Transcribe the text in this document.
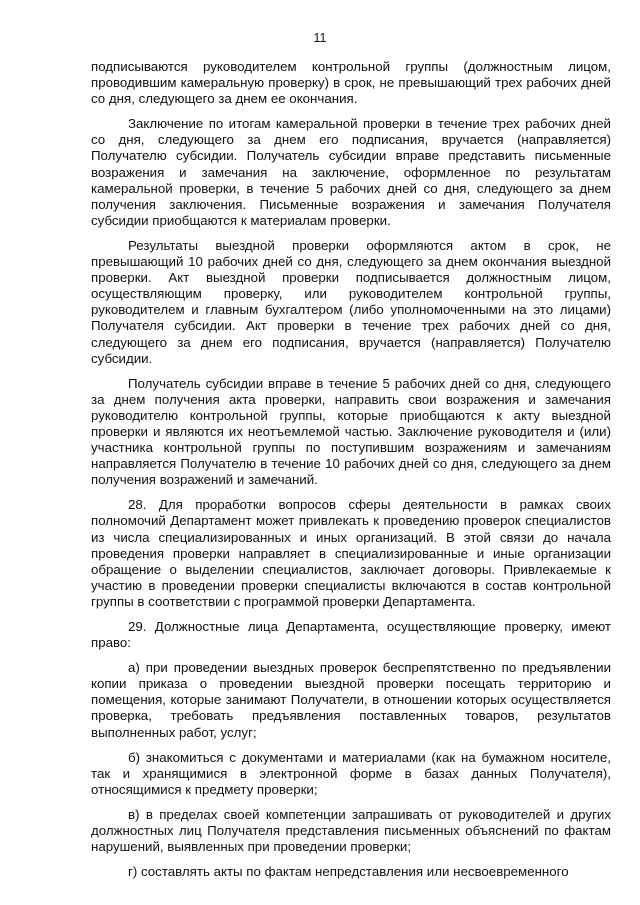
11

подписываются руководителем контрольной группы (должностным лицом, проводившим камеральную проверку) в срок, не превышающий трех рабочих дней со дня, следующего за днем ее окончания.

Заключение по итогам камеральной проверки в течение трех рабочих дней со дня, следующего за днем его подписания, вручается (направляется) Получателю субсидии. Получатель субсидии вправе представить письменные возражения и замечания на заключение, оформленное по результатам камеральной проверки, в течение 5 рабочих дней со дня, следующего за днем получения заключения. Письменные возражения и замечания Получателя субсидии приобщаются к материалам проверки.

Результаты выездной проверки оформляются актом в срок, не превышающий 10 рабочих дней со дня, следующего за днем окончания выездной проверки. Акт выездной проверки подписывается должностным лицом, осуществляющим проверку, или руководителем контрольной группы, руководителем и главным бухгалтером (либо уполномоченными на это лицами) Получателя субсидии. Акт проверки в течение трех рабочих дней со дня, следующего за днем его подписания, вручается (направляется) Получателю субсидии.

Получатель субсидии вправе в течение 5 рабочих дней со дня, следующего за днем получения акта проверки, направить свои возражения и замечания руководителю контрольной группы, которые приобщаются к акту выездной проверки и являются их неотъемлемой частью. Заключение руководителя и (или) участника контрольной группы по поступившим возражениям и замечаниям направляется Получателю в течение 10 рабочих дней со дня, следующего за днем получения возражений и замечаний.

28. Для проработки вопросов сферы деятельности в рамках своих полномочий Департамент может привлекать к проведению проверок специалистов из числа специализированных и иных организаций. В этой связи до начала проведения проверки направляет в специализированные и иные организации обращение о выделении специалистов, заключает договоры. Привлекаемые к участию в проведении проверки специалисты включаются в состав контрольной группы в соответствии с программой проверки Департамента.

29. Должностные лица Департамента, осуществляющие проверку, имеют право:

а) при проведении выездных проверок беспрепятственно по предъявлении копии приказа о проведении выездной проверки посещать территорию и помещения, которые занимают Получатели, в отношении которых осуществляется проверка, требовать предъявления поставленных товаров, результатов выполненных работ, услуг;

б) знакомиться с документами и материалами (как на бумажном носителе, так и хранящимися в электронной форме в базах данных Получателя), относящимися к предмету проверки;

в) в пределах своей компетенции запрашивать от руководителей и других должностных лиц Получателя представления письменных объяснений по фактам нарушений, выявленных при проведении проверки;

г) составлять акты по фактам непредставления или несвоевременного
